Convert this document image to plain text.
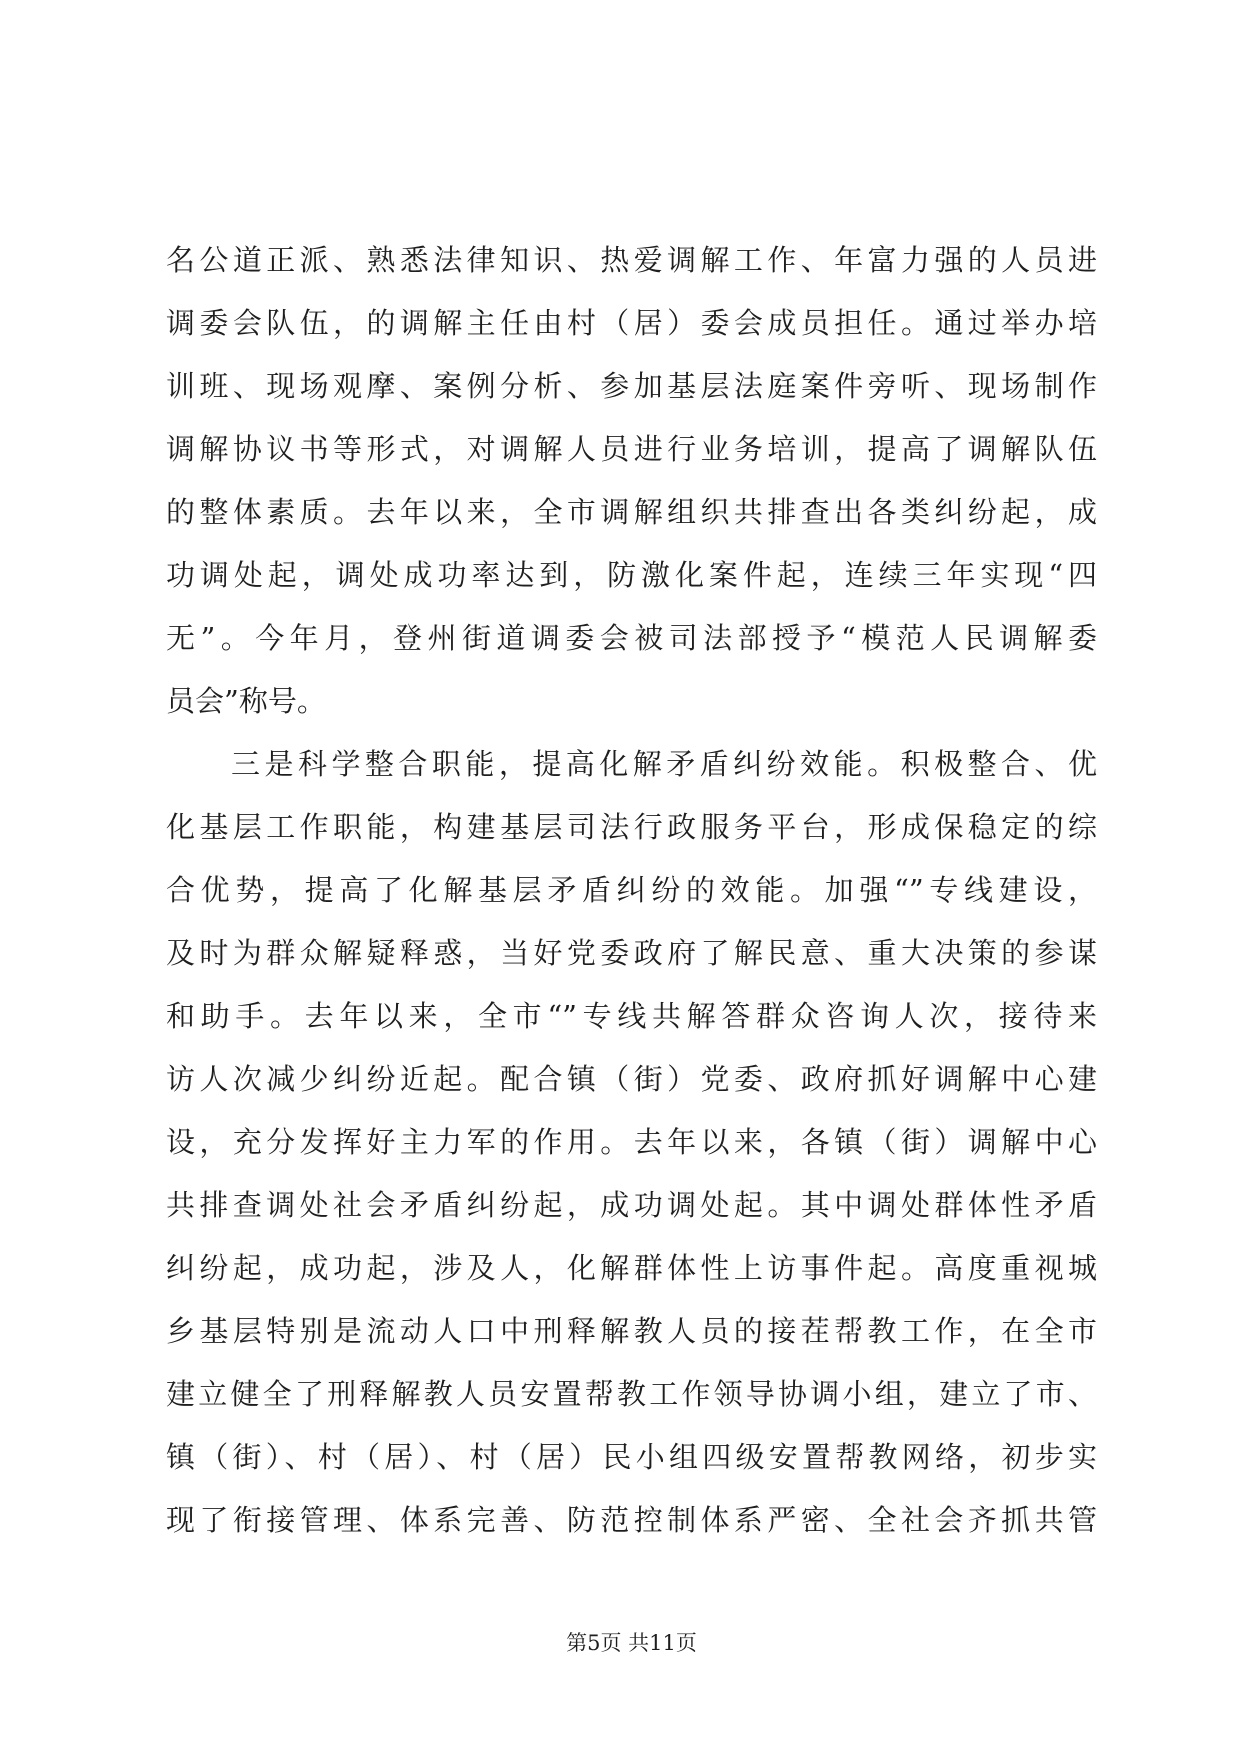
名公道正派、熟悉法律知识、热爱调解工作、年富力强的人员进
调委会队伍，的调解主任由村（居）委会成员担任。通过举办培
训班、现场观摩、案例分析、参加基层法庭案件旁听、现场制作
调解协议书等形式，对调解人员进行业务培训，提高了调解队伍
的整体素质。去年以来，全市调解组织共排查出各类纠纷起，成
功调处起，调处成功率达到，防激化案件起，连续三年实现“四
无”。今年月，登州街道调委会被司法部授予“模范人民调解委
员会”称号。
三是科学整合职能，提高化解矛盾纠纷效能。积极整合、优
化基层工作职能，构建基层司法行政服务平台，形成保稳定的综
合优势，提高了化解基层矛盾纠纷的效能。加强“”专线建设，
及时为群众解疑释惑，当好党委政府了解民意、重大决策的参谋
和助手。去年以来，全市“”专线共解答群众咨询人次，接待来
访人次减少纠纷近起。配合镇（街）党委、政府抓好调解中心建
设，充分发挥好主力军的作用。去年以来，各镇（街）调解中心
共排查调处社会矛盾纠纷起，成功调处起。其中调处群体性矛盾
纠纷起，成功起，涉及人，化解群体性上访事件起。高度重视城
乡基层特别是流动人口中刑释解教人员的接茬帮教工作，在全市
建立健全了刑释解教人员安置帮教工作领导协调小组，建立了市、
镇（街）、村（居）、村（居）民小组四级安置帮教网络，初步实
现了衔接管理、体系完善、防范控制体系严密、全社会齐抓共管
第5页 共11页
